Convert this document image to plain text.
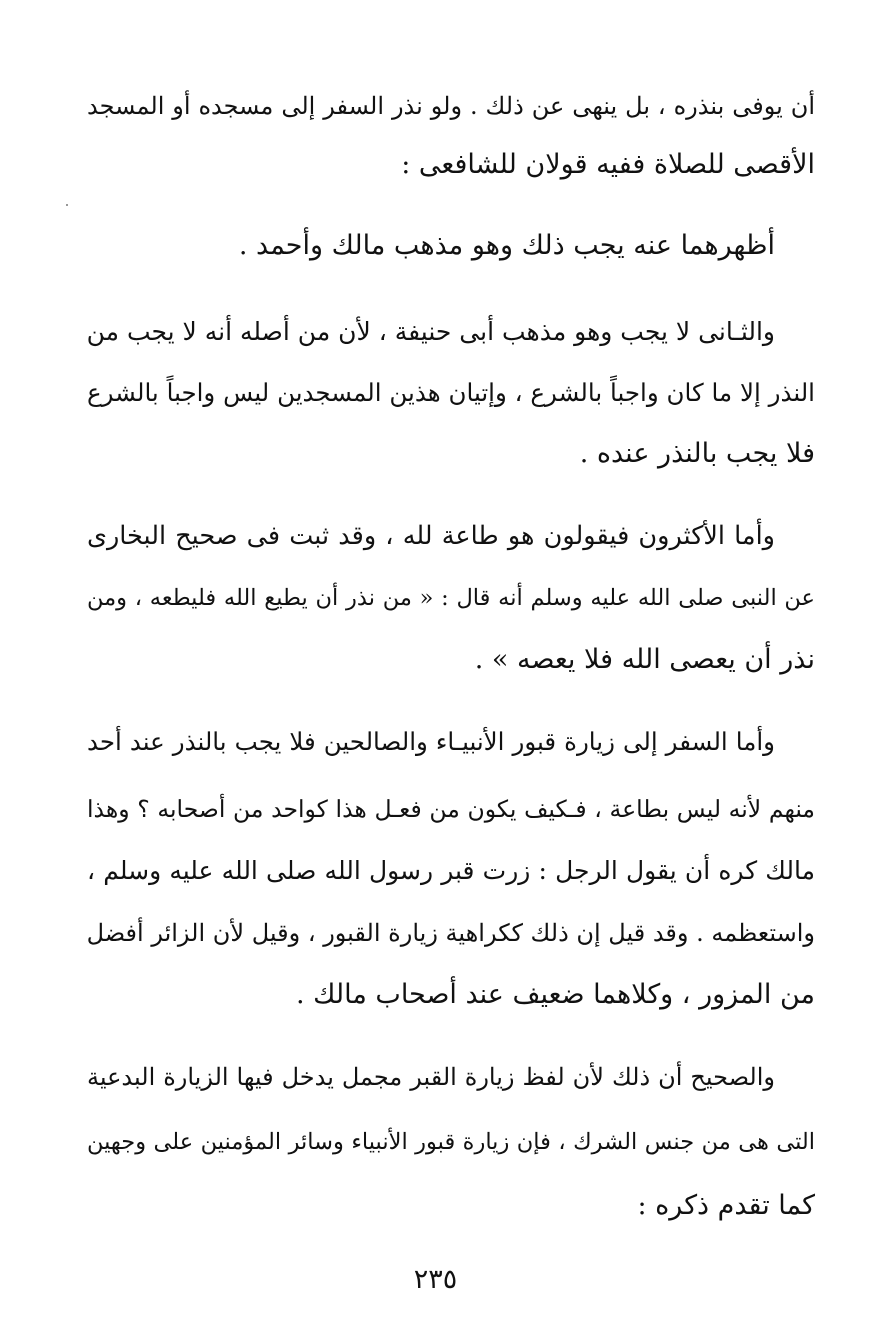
أن يوفى بنذره ، بل ينهى عن ذلك . ولو نذر السفر إلى مسجده أو المسجد
الأقصى للصلاة ففيه قولان للشافعى :
أظهرهما عنه يجب ذلك وهو مذهب مالك وأحمد .
والثـانى لا يجب وهو مذهب أبى حنيفة ، لأن من أصله أنه لا يجب من
النذر إلا ما كان واجباً بالشرع ، وإتيان هذين المسجدين ليس واجباً بالشرع
فلا يجب بالنذر عنده .
وأما الأكثرون فيقولون هو طاعة لله ، وقد ثبت فى صحيح البخارى
عن النبى صلى الله عليه وسلم أنه قال : « من نذر أن يطيع الله فليطعه ، ومن
نذر أن يعصى الله فلا يعصه » .
وأما السفر إلى زيارة قبور الأنبيـاء والصالحين فلا يجب بالنذر عند أحد
منهم لأنه ليس بطاعة ، فـكيف يكون من فعـل هذا كواحد من أصحابه ؟ وهذا
مالك كره أن يقول الرجل : زرت قبر رسول الله صلى الله عليه وسلم ،
واستعظمه . وقد قيل إن ذلك ككراهية زيارة القبور ، وقيل لأن الزائر أفضل
من المزور ، وكلاهما ضعيف عند أصحاب مالك .
والصحيح أن ذلك لأن لفظ زيارة القبر مجمل يدخل فيها الزيارة البدعية
التى هى من جنس الشرك ، فإن زيارة قبور الأنبياء وسائر المؤمنين على وجهين
كما تقدم ذكره :
٢٣٥
